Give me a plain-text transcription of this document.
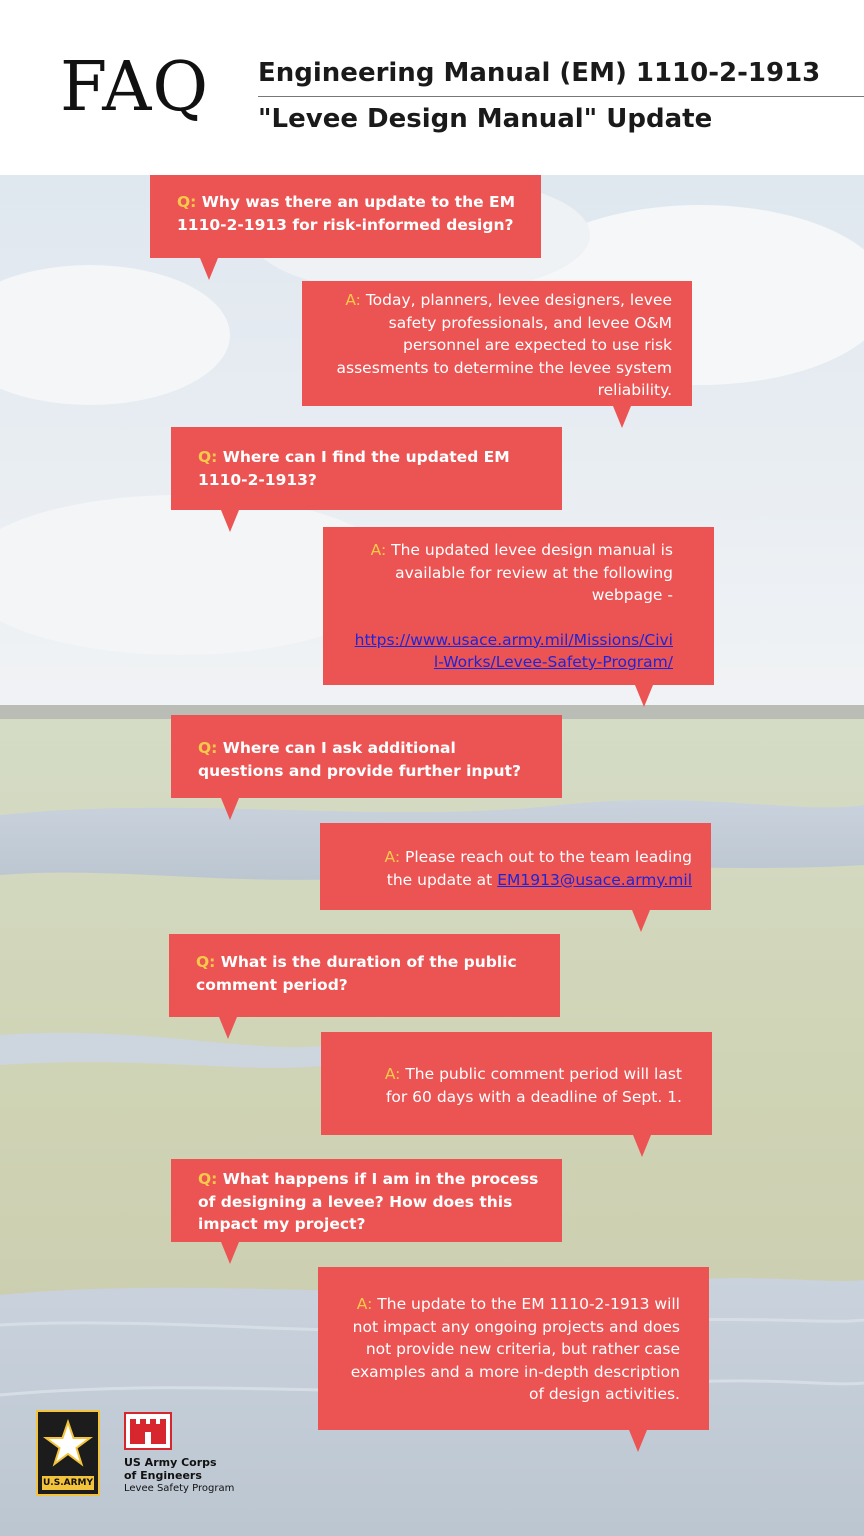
FAQ Engineering Manual (EM) 1110-2-1913
"Levee Design Manual" Update
Q: Why was there an update to the EM 1110-2-1913 for risk-informed design?
A: Today, planners, levee designers, levee safety professionals, and levee O&M personnel are expected to use risk assesments to determine the levee system reliability.
Q: Where can I find the updated EM 1110-2-1913?
A: The updated levee design manual is available for review at the following webpage -
https://www.usace.army.mil/Missions/Civil-Works/Levee-Safety-Program/
Q: Where can I ask additional questions and provide further input?
A: Please reach out to the team leading the update at EM1913@usace.army.mil
Q: What is the duration of the public comment period?
A: The public comment period will last for 60 days with a deadline of Sept. 1.
Q: What happens if I am in the process of designing a levee? How does this impact my project?
A: The update to the EM 1110-2-1913 will not impact any ongoing projects and does not provide new criteria, but rather case examples and a more in-depth description of design activities.
U.S.ARMY
US Army Corps
of Engineers
Levee Safety Program
